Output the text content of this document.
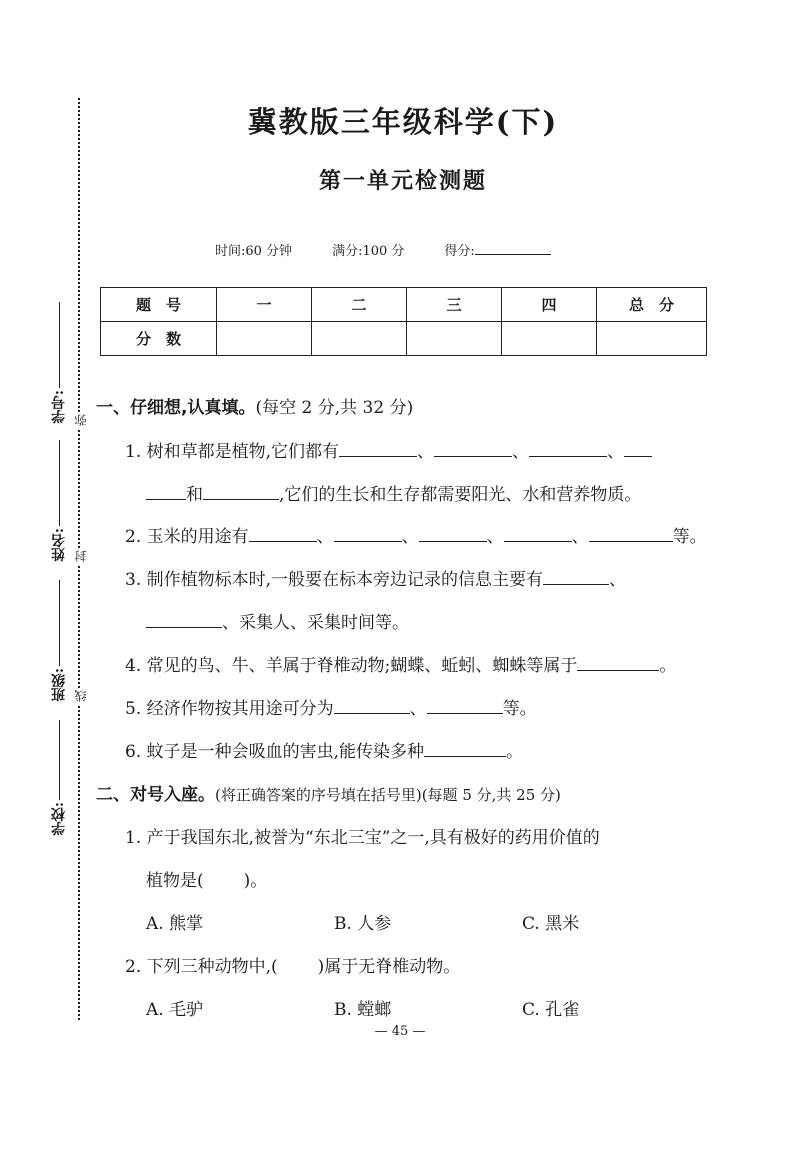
弥
封
线
学号:
姓名:
班级:
学校:
冀教版三年级科学(下)
第一单元检测题
时间:60 分钟	满分:100 分	得分:
题　号	一	二	三	四	总　分
分　数					
一、仔细想,认真填。(每空 2 分,共 32 分)
1. 树和草都是植物,它们都有	、	、	、
和	,它们的生长和生存都需要阳光、水和营养物质。
2. 玉米的用途有	、	、	、	、	等。
3. 制作植物标本时,一般要在标本旁边记录的信息主要有	、
、采集人、采集时间等。
4. 常见的鸟、牛、羊属于脊椎动物;蝴蝶、蚯蚓、蜘蛛等属于	。
5. 经济作物按其用途可分为	、	等。
6. 蚊子是一种会吸血的害虫,能传染多种	。
二、对号入座。(将正确答案的序号填在括号里)(每题 5 分,共 25 分)
1. 产于我国东北,被誉为“东北三宝”之一,具有极好的药用价值的
植物是( )。
A. 熊掌	B. 人参	C. 黑米
2. 下列三种动物中,( )属于无脊椎动物。
A. 毛驴	B. 螳螂	C. 孔雀
— 45 —
